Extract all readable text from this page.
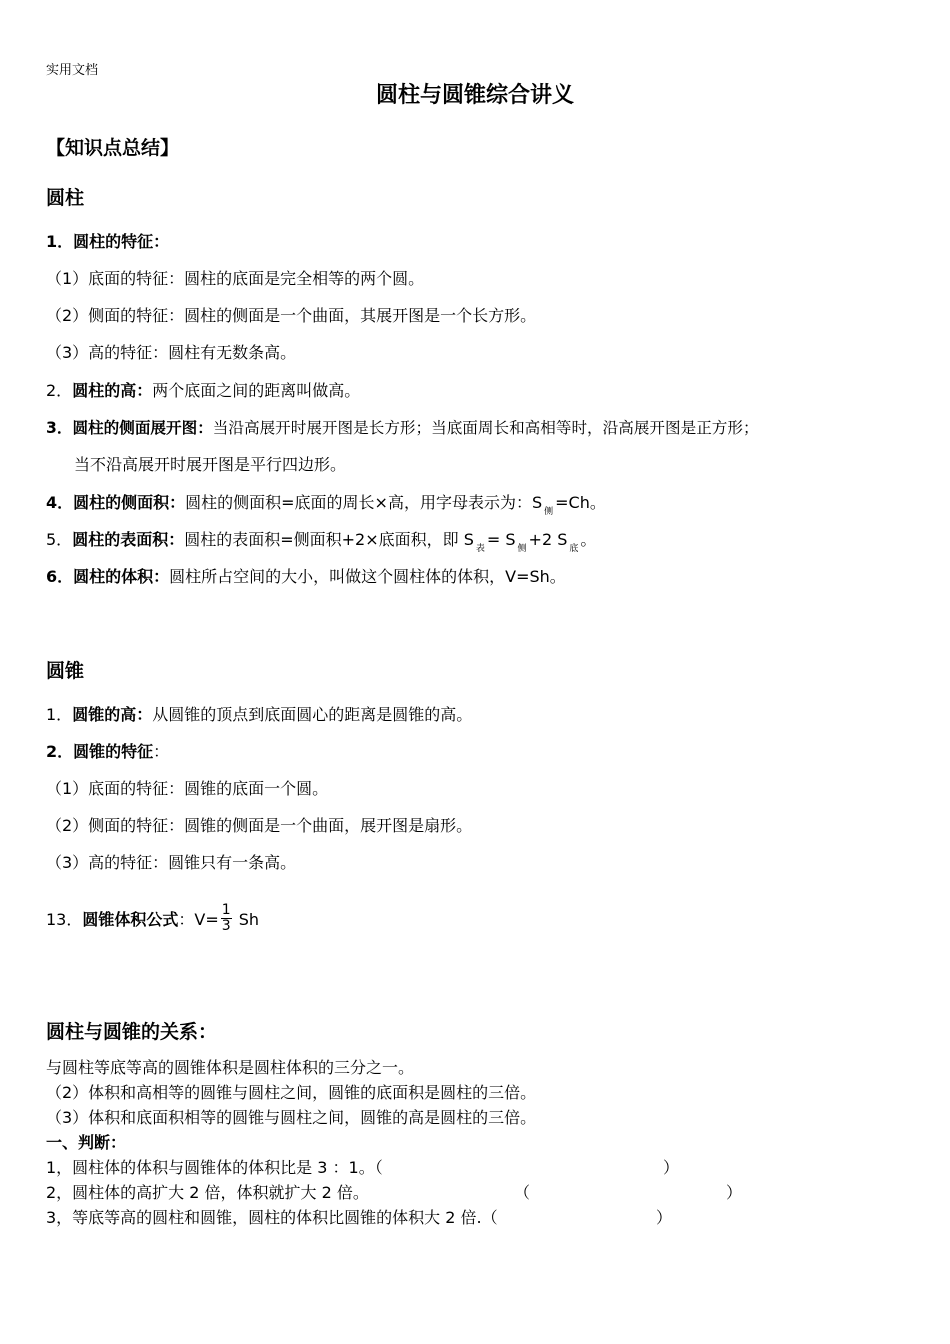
实用文档
圆柱与圆锥综合讲义
【知识点总结】
圆柱
1．圆柱的特征：
（1）底面的特征：圆柱的底面是完全相等的两个圆。
（2）侧面的特征：圆柱的侧面是一个曲面，其展开图是一个长方形。
（3）高的特征：圆柱有无数条高。
2．圆柱的高：两个底面之间的距离叫做高。
3．圆柱的侧面展开图：当沿高展开时展开图是长方形；当底面周长和高相等时，沿高展开图是正方形；
当不沿高展开时展开图是平行四边形。
4．圆柱的侧面积：圆柱的侧面积=底面的周长×高，用字母表示为：S $_侧$ =Ch。
5．圆柱的表面积：圆柱的表面积=侧面积+2×底面积，即 S $_表$ = S $_侧$ +2 S $_底$ 。
6．圆柱的体积：圆柱所占空间的大小，叫做这个圆柱体的体积，V=Sh。
圆锥
1．圆锥的高：从圆锥的顶点到底面圆心的距离是圆锥的高。
2．圆锥的特征：
（1）底面的特征：圆锥的底面一个圆。
（2）侧面的特征：圆锥的侧面是一个曲面，展开图是扇形。
（3）高的特征：圆锥只有一条高。
13．圆锥体积公式：$V= \frac{1}{3}$ Sh
圆柱与圆锥的关系：
与圆柱等底等高的圆锥体积是圆柱体积的三分之一。
（2）体积和高相等的圆锥与圆柱之间，圆锥的底面积是圆柱的三倍。
（3）体积和底面积相等的圆锥与圆柱之间，圆锥的高是圆柱的三倍。
一、判断：
1，圆柱体的体积与圆锥体的体积比是 3 ：1。（	）
2，圆柱体的高扩大 2 倍，体积就扩大 2 倍。	（	）
3，等底等高的圆柱和圆锥，圆柱的体积比圆锥的体积大 2 倍.（	）
